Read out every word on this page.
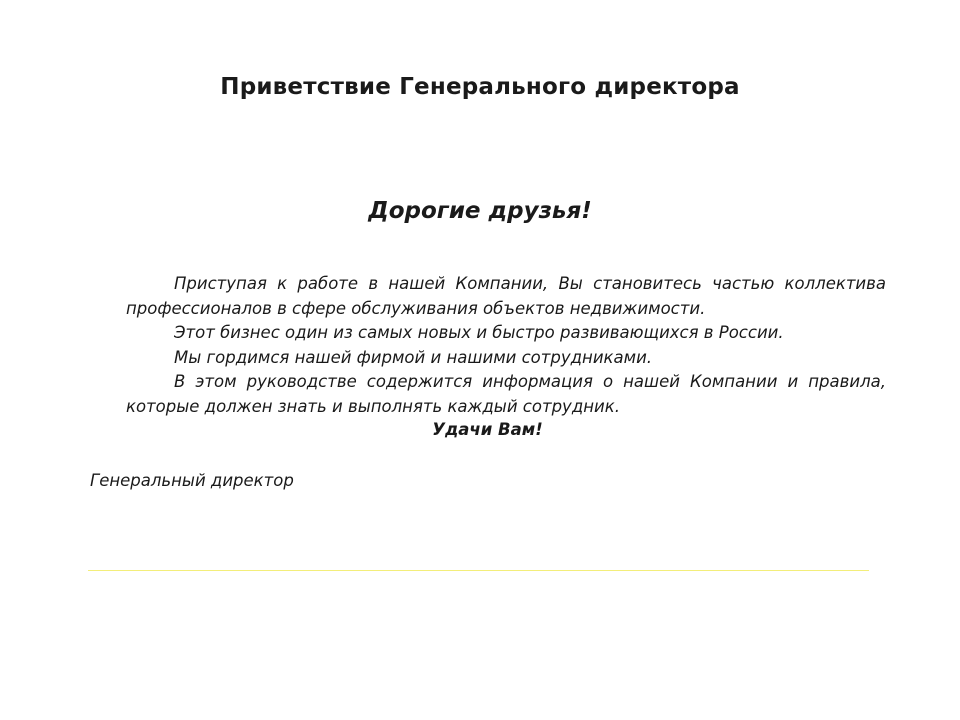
Приветствие Генерального директора
Дорогие друзья!

Приступая к работе в нашей Компании, Вы становитесь частью коллектива профессионалов в сфере обслуживания объектов недвижимости.

Этот бизнес один из самых новых и быстро развивающихся в России.

Мы гордимся нашей фирмой и нашими сотрудниками.

В этом руководстве содержится информация о нашей Компании и правила, которые должен знать и выполнять каждый сотрудник.

Удачи Вам!
Генеральный директор
